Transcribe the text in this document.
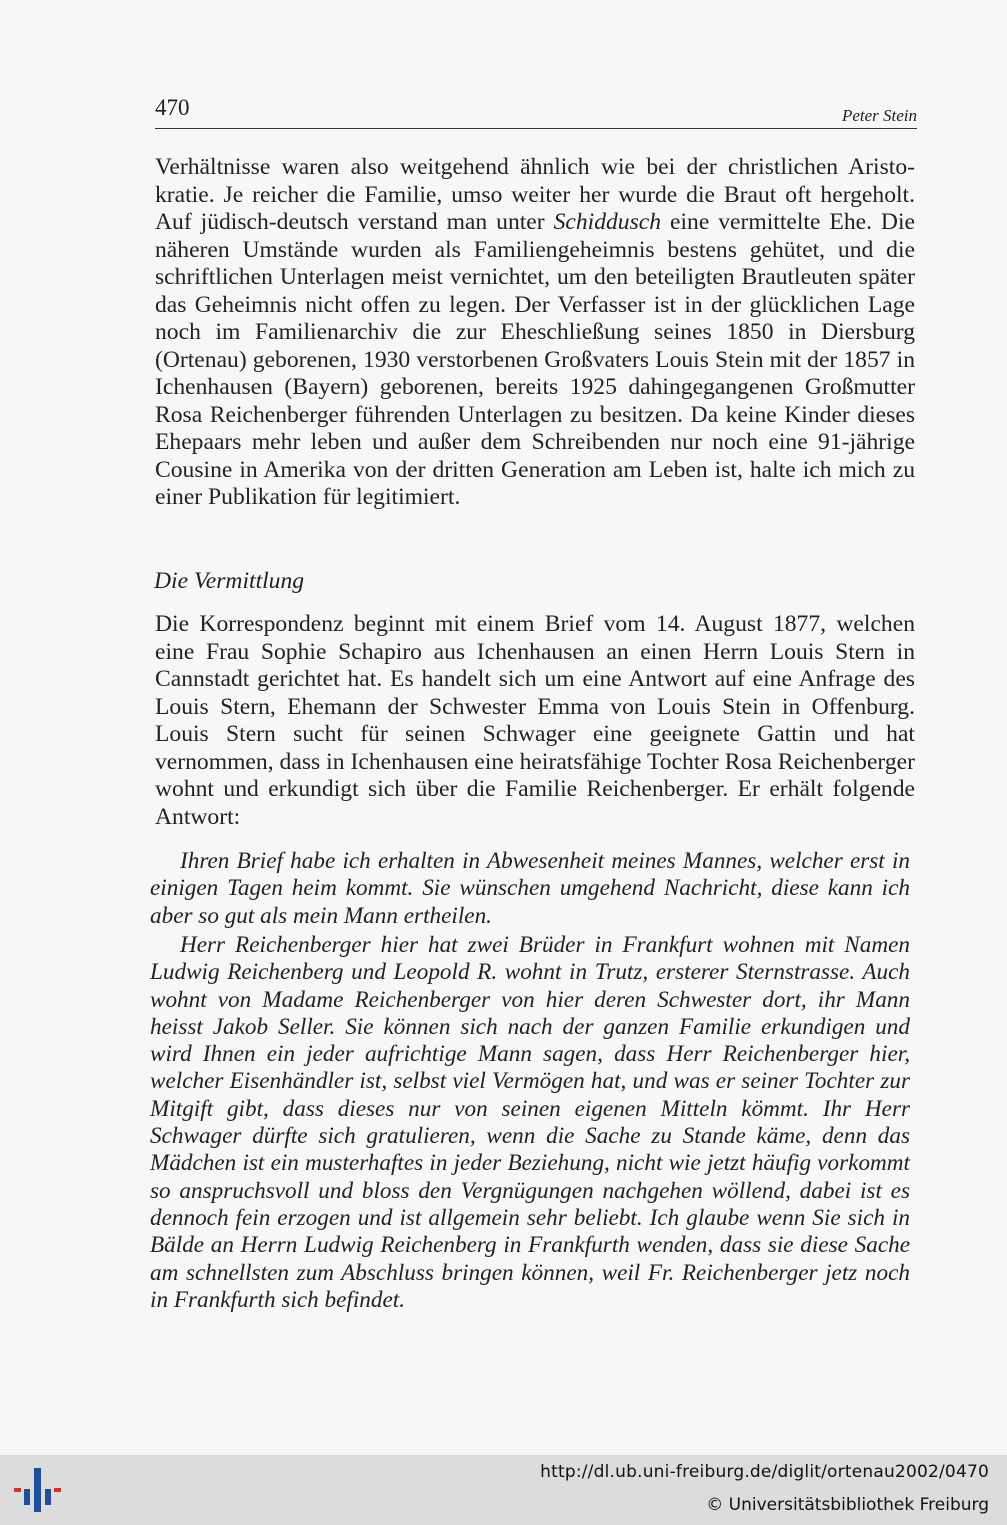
470	Peter Stein

Verhältnisse waren also weitgehend ähnlich wie bei der christlichen Aristokratie. Je reicher die Familie, umso weiter her wurde die Braut oft hergeholt. Auf jüdisch-deutsch verstand man unter Schiddusch eine vermittelte Ehe. Die näheren Umstände wurden als Familiengeheimnis bestens gehütet, und die schriftlichen Unterlagen meist vernichtet, um den beteiligten Brautleuten später das Geheimnis nicht offen zu legen. Der Verfasser ist in der glücklichen Lage noch im Familienarchiv die zur Eheschließung seines 1850 in Diersburg (Ortenau) geborenen, 1930 verstorbenen Großvaters Louis Stein mit der 1857 in Ichenhausen (Bayern) geborenen, bereits 1925 dahingegangenen Großmutter Rosa Reichenberger führenden Unterlagen zu besitzen. Da keine Kinder dieses Ehepaars mehr leben und außer dem Schreibenden nur noch eine 91-jährige Cousine in Amerika von der dritten Generation am Leben ist, halte ich mich zu einer Publikation für legitimiert.

Die Vermittlung

Die Korrespondenz beginnt mit einem Brief vom 14. August 1877, welchen eine Frau Sophie Schapiro aus Ichenhausen an einen Herrn Louis Stern in Cannstadt gerichtet hat. Es handelt sich um eine Antwort auf eine Anfrage des Louis Stern, Ehemann der Schwester Emma von Louis Stein in Offenburg. Louis Stern sucht für seinen Schwager eine geeignete Gattin und hat vernommen, dass in Ichenhausen eine heiratsfähige Tochter Rosa Reichenberger wohnt und erkundigt sich über die Familie Reichenberger. Er erhält folgende Antwort:

Ihren Brief habe ich erhalten in Abwesenheit meines Mannes, welcher erst in einigen Tagen heim kommt. Sie wünschen umgehend Nachricht, diese kann ich aber so gut als mein Mann ertheilen.

Herr Reichenberger hier hat zwei Brüder in Frankfurt wohnen mit Namen Ludwig Reichenberg und Leopold R. wohnt in Trutz, ersterer Sternstrasse. Auch wohnt von Madame Reichenberger von hier deren Schwester dort, ihr Mann heisst Jakob Seller. Sie können sich nach der ganzen Familie erkundigen und wird Ihnen ein jeder aufrichtige Mann sagen, dass Herr Reichenberger hier, welcher Eisenhändler ist, selbst viel Vermögen hat, und was er seiner Tochter zur Mitgift gibt, dass dieses nur von seinen eigenen Mitteln kömmt. Ihr Herr Schwager dürfte sich gratulieren, wenn die Sache zu Stande käme, denn das Mädchen ist ein musterhaftes in jeder Beziehung, nicht wie jetzt häufig vorkommt so anspruchsvoll und bloss den Vergnügungen nachgehen wöllend, dabei ist es dennoch fein erzogen und ist allgemein sehr beliebt. Ich glaube wenn Sie sich in Bälde an Herrn Ludwig Reichenberg in Frankfurth wenden, dass sie diese Sache am schnellsten zum Abschluss bringen können, weil Fr. Reichenberger jetz noch in Frankfurth sich befindet.

http://dl.ub.uni-freiburg.de/diglit/ortenau2002/0470
© Universitätsbibliothek Freiburg
